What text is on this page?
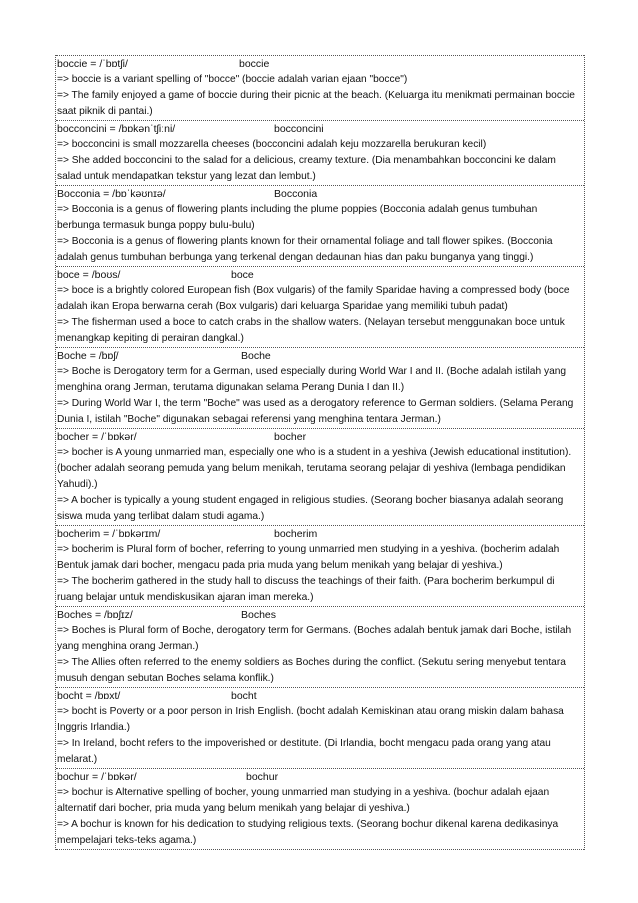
boccie = /ˈbɒtʃi/	boccie
=> boccie is a variant spelling of "bocce" (boccie adalah varian ejaan "bocce")
=> The family enjoyed a game of boccie during their picnic at the beach. (Keluarga itu menikmati permainan boccie saat piknik di pantai.)
bocconcini = /bɒkənˈtʃiːni/	bocconcini
=> bocconcini is small mozzarella cheeses (bocconcini adalah keju mozzarella berukuran kecil)
=> She added bocconcini to the salad for a delicious, creamy texture. (Dia menambahkan bocconcini ke dalam salad untuk mendapatkan tekstur yang lezat dan lembut.)
Bocconia = /bɒˈkəʊnɪə/	Bocconia
=> Bocconia is a genus of flowering plants including the plume poppies (Bocconia adalah genus tumbuhan berbunga termasuk bunga poppy bulu-bulu)
=> Bocconia is a genus of flowering plants known for their ornamental foliage and tall flower spikes. (Bocconia adalah genus tumbuhan berbunga yang terkenal dengan dedaunan hias dan paku bunganya yang tinggi.)
boce = /boʊs/	boce
=> boce is a brightly colored European fish (Box vulgaris) of the family Sparidae having a compressed body (boce adalah ikan Eropa berwarna cerah (Box vulgaris) dari keluarga Sparidae yang memiliki tubuh padat)
=> The fisherman used a boce to catch crabs in the shallow waters. (Nelayan tersebut menggunakan boce untuk menangkap kepiting di perairan dangkal.)
Boche = /bɒʃ/	Boche
=> Boche is Derogatory term for a German, used especially during World War I and II. (Boche adalah istilah yang menghina orang Jerman, terutama digunakan selama Perang Dunia I dan II.)
=> During World War I, the term "Boche" was used as a derogatory reference to German soldiers. (Selama Perang Dunia I, istilah "Boche" digunakan sebagai referensi yang menghina tentara Jerman.)
bocher = /ˈbɒkər/	bocher
=> bocher is A young unmarried man, especially one who is a student in a yeshiva (Jewish educational institution). (bocher adalah seorang pemuda yang belum menikah, terutama seorang pelajar di yeshiva (lembaga pendidikan Yahudi).)
=> A bocher is typically a young student engaged in religious studies. (Seorang bocher biasanya adalah seorang siswa muda yang terlibat dalam studi agama.)
bocherim = /ˈbɒkərɪm/	bocherim
=> bocherim is Plural form of bocher, referring to young unmarried men studying in a yeshiva. (bocherim adalah Bentuk jamak dari bocher, mengacu pada pria muda yang belum menikah yang belajar di yeshiva.)
=> The bocherim gathered in the study hall to discuss the teachings of their faith. (Para bocherim berkumpul di ruang belajar untuk mendiskusikan ajaran iman mereka.)
Boches = /bɒʃɪz/	Boches
=> Boches is Plural form of Boche, derogatory term for Germans. (Boches adalah bentuk jamak dari Boche, istilah yang menghina orang Jerman.)
=> The Allies often referred to the enemy soldiers as Boches during the conflict. (Sekutu sering menyebut tentara musuh dengan sebutan Boches selama konflik.)
bocht = /bɒxt/	bocht
=> bocht is Poverty or a poor person in Irish English. (bocht adalah Kemiskinan atau orang miskin dalam bahasa Inggris Irlandia.)
=> In Ireland, bocht refers to the impoverished or destitute. (Di Irlandia, bocht mengacu pada orang yang atau melarat.)
bochur = /ˈbɒkər/	bochur
=> bochur is Alternative spelling of bocher, young unmarried man studying in a yeshiva. (bochur adalah ejaan alternatif dari bocher, pria muda yang belum menikah yang belajar di yeshiva.)
=> A bochur is known for his dedication to studying religious texts. (Seorang bochur dikenal karena dedikasinya mempelajari teks-teks agama.)
